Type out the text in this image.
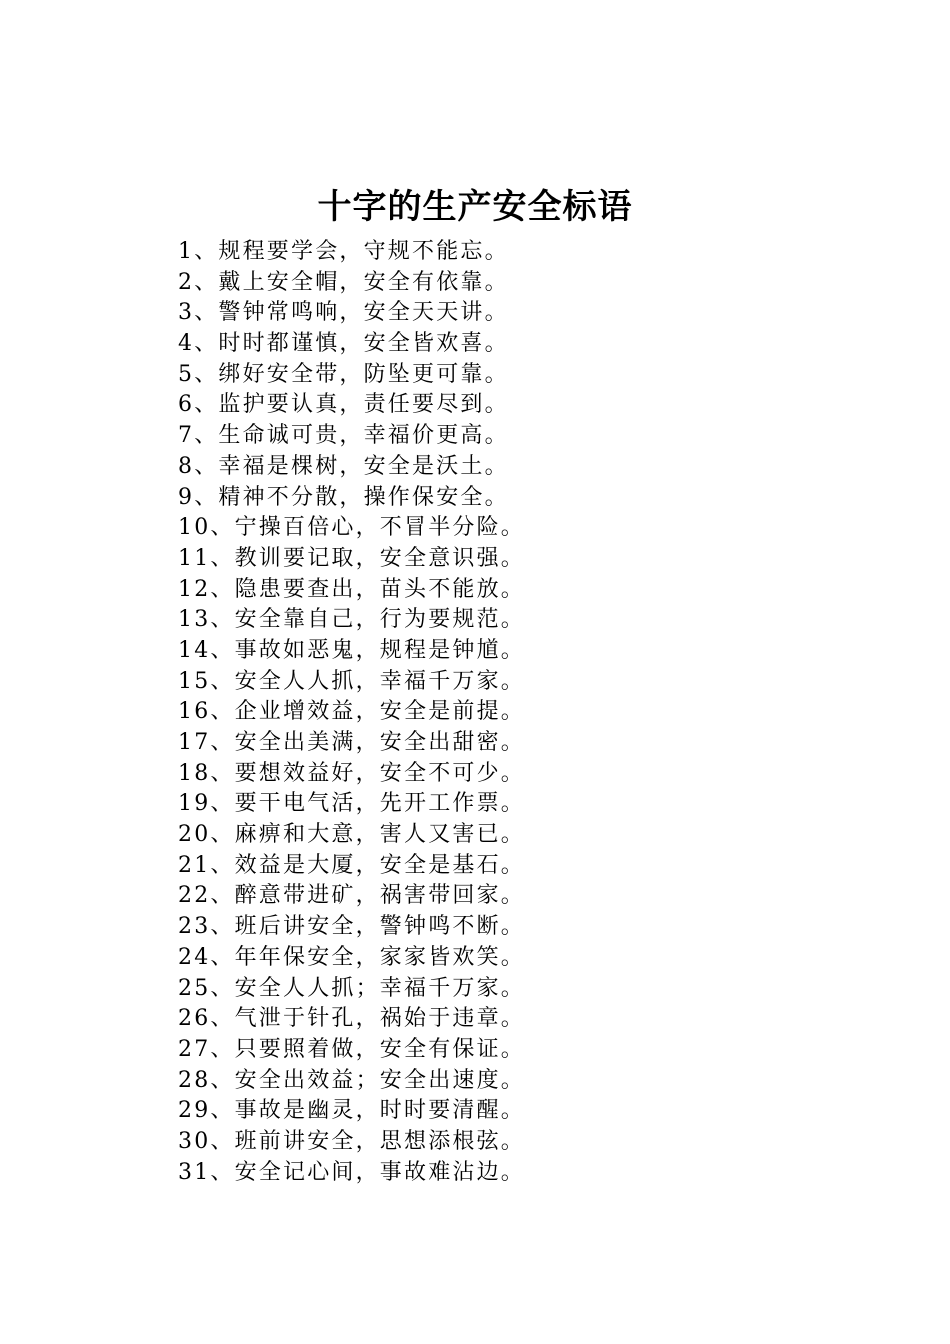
十字的生产安全标语
1、规程要学会，守规不能忘。
2、戴上安全帽，安全有依靠。
3、警钟常鸣响，安全天天讲。
4、时时都谨慎，安全皆欢喜。
5、绑好安全带，防坠更可靠。
6、监护要认真，责任要尽到。
7、生命诚可贵，幸福价更高。
8、幸福是棵树，安全是沃土。
9、精神不分散，操作保安全。
10、宁操百倍心，不冒半分险。
11、教训要记取，安全意识强。
12、隐患要查出，苗头不能放。
13、安全靠自己，行为要规范。
14、事故如恶鬼，规程是钟馗。
15、安全人人抓，幸福千万家。
16、企业增效益，安全是前提。
17、安全出美满，安全出甜密。
18、要想效益好，安全不可少。
19、要干电气活，先开工作票。
20、麻痹和大意，害人又害已。
21、效益是大厦，安全是基石。
22、醉意带进矿，祸害带回家。
23、班后讲安全，警钟鸣不断。
24、年年保安全，家家皆欢笑。
25、安全人人抓；幸福千万家。
26、气泄于针孔，祸始于违章。
27、只要照着做，安全有保证。
28、安全出效益；安全出速度。
29、事故是幽灵，时时要清醒。
30、班前讲安全，思想添根弦。
31、安全记心间，事故难沾边。
